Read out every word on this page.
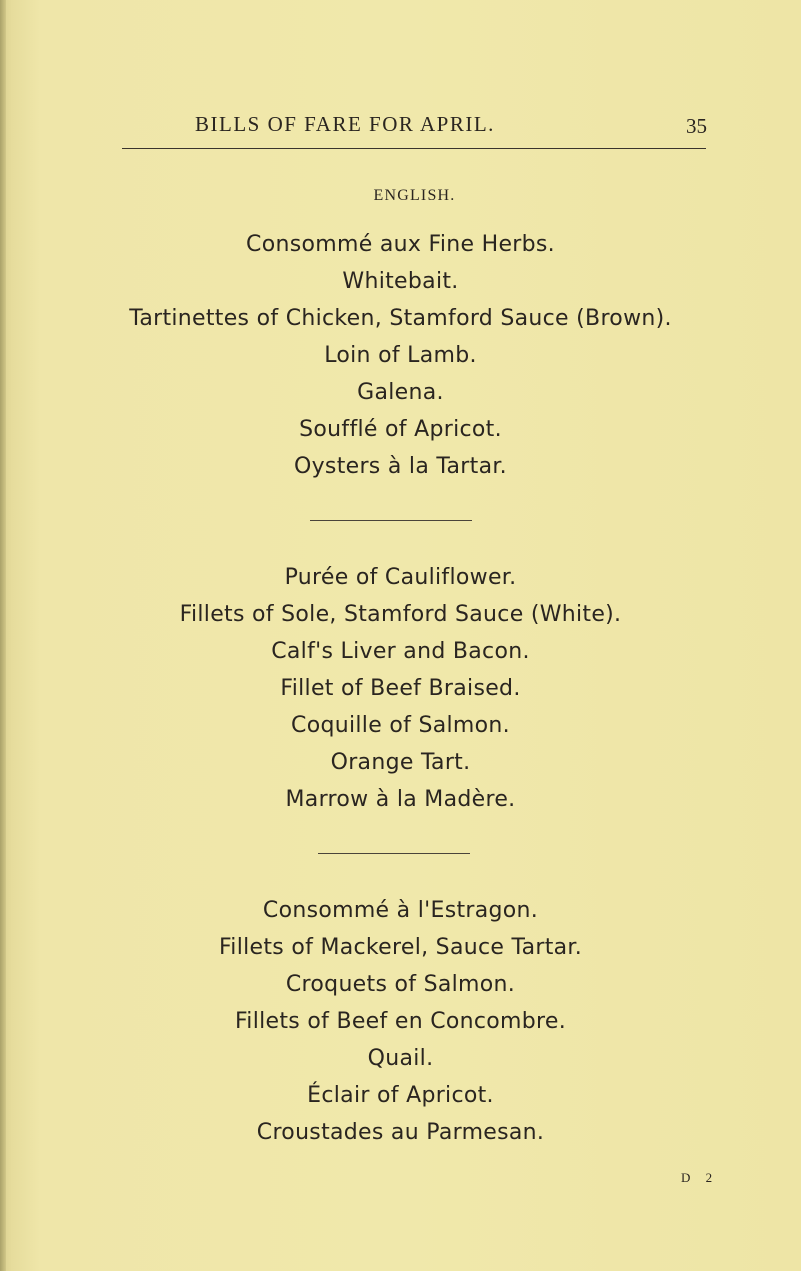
BILLS OF FARE FOR APRIL.	35
ENGLISH.
Consommé aux Fine Herbs.
Whitebait.
Tartinettes of Chicken, Stamford Sauce (Brown).
Loin of Lamb.
Galena.
Soufflé of Apricot.
Oysters à la Tartar.
Purée of Cauliflower.
Fillets of Sole, Stamford Sauce (White).
Calf's Liver and Bacon.
Fillet of Beef Braised.
Coquille of Salmon.
Orange Tart.
Marrow à la Madère.
Consommé à l'Estragon.
Fillets of Mackerel, Sauce Tartar.
Croquets of Salmon.
Fillets of Beef en Concombre.
Quail.
Éclair of Apricot.
Croustades au Parmesan.
D 2
